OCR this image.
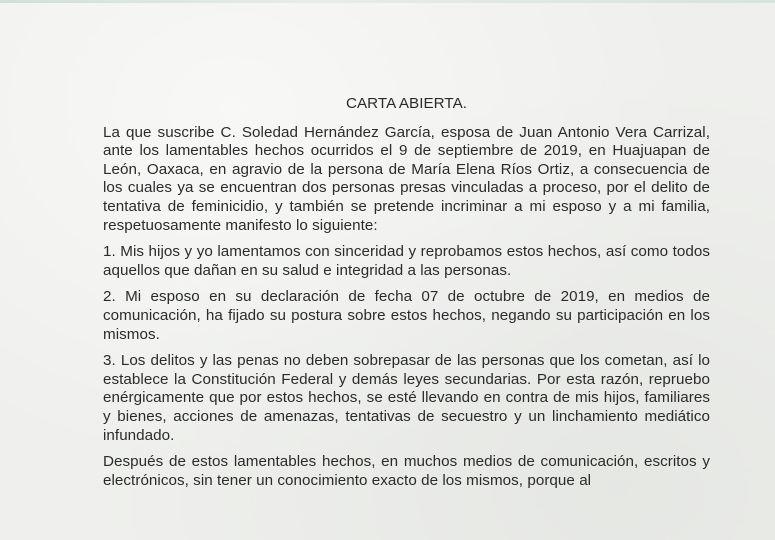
CARTA ABIERTA.

La que suscribe C. Soledad Hernández García, esposa de Juan Antonio Vera Carrizal, ante los lamentables hechos ocurridos el 9 de septiembre de 2019, en Huajuapan de León, Oaxaca, en agravio de la persona de María Elena Ríos Ortiz, a consecuencia de los cuales ya se encuentran dos personas presas vinculadas a proceso, por el delito de tentativa de feminicidio, y también se pretende incriminar a mi esposo y a mi familia, respetuosamente manifesto lo siguiente:

1. Mis hijos y yo lamentamos con sinceridad y reprobamos estos hechos, así como todos aquellos que dañan en su salud e integridad a las personas.

2. Mi esposo en su declaración de fecha 07 de octubre de 2019, en medios de comunicación, ha fijado su postura sobre estos hechos, negando su participación en los mismos.

3. Los delitos y las penas no deben sobrepasar de las personas que los cometan, así lo establece la Constitución Federal y demás leyes secundarias. Por esta razón, repruebo enérgicamente que por estos hechos, se esté llevando en contra de mis hijos, familiares y bienes, acciones de amenazas, tentativas de secuestro y un linchamiento mediático infundado.

Después de estos lamentables hechos, en muchos medios de comunicación, escritos y electrónicos, sin tener un conocimiento exacto de los mismos, porque al
